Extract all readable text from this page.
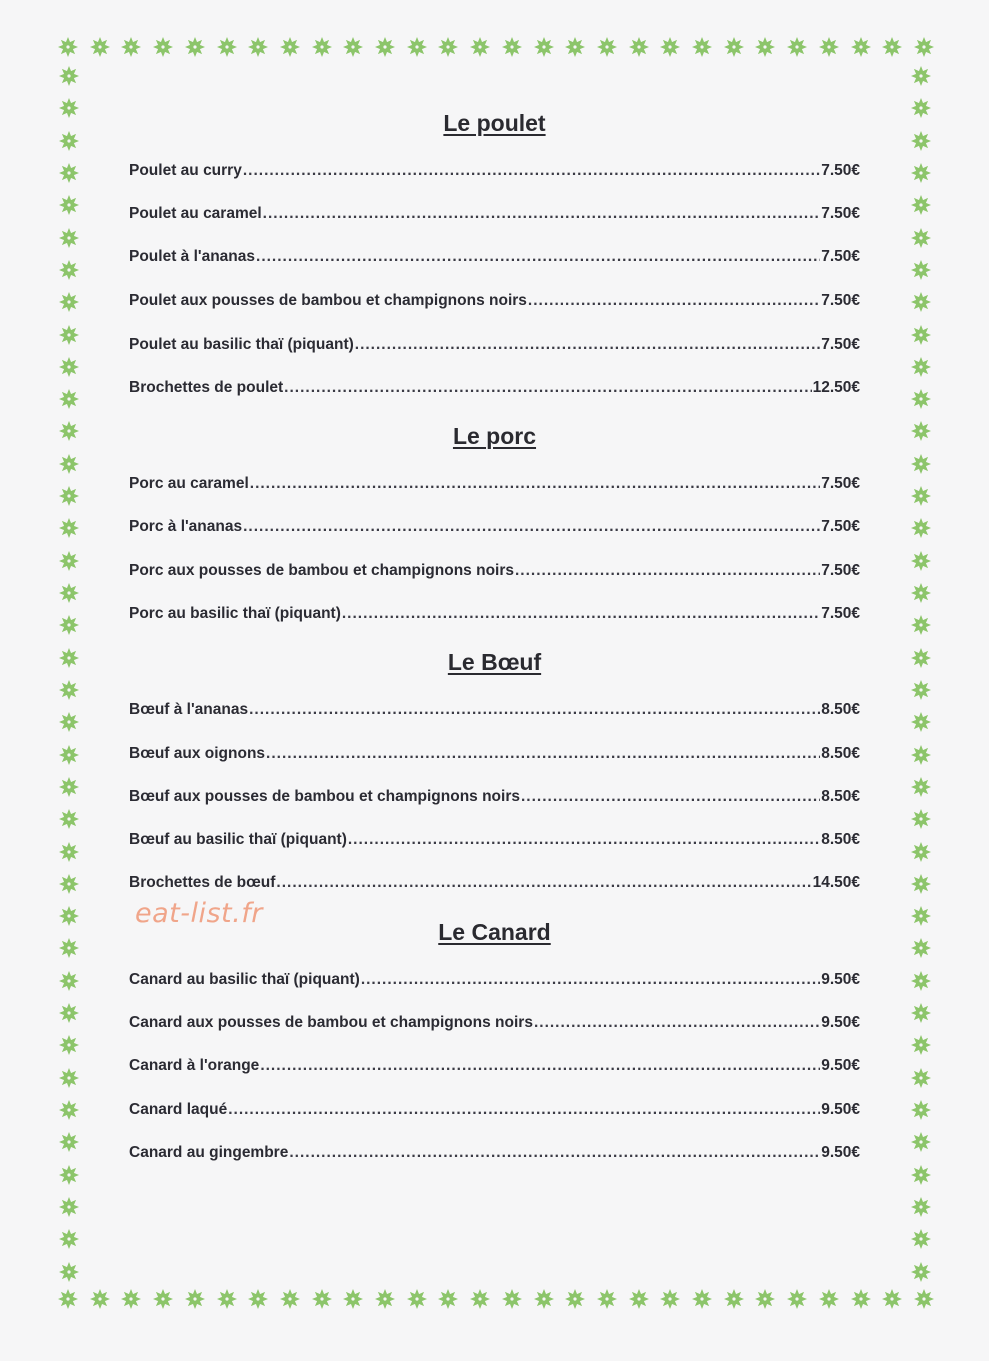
Le poulet
Poulet au curry .....	7.50€
Poulet au caramel .....	7.50€
Poulet à l'ananas .....	7.50€
Poulet aux pousses de bambou et champignons noirs .....	7.50€
Poulet au basilic thaï (piquant) .....	7.50€
Brochettes de poulet .....	12.50€
Le porc
Porc au caramel .....	7.50€
Porc à l'ananas .....	7.50€
Porc aux pousses de bambou et champignons noirs .....	7.50€
Porc au basilic thaï (piquant) .....	7.50€
Le Bœuf
Bœuf à l'ananas .....	8.50€
Bœuf aux oignons .....	8.50€
Bœuf aux pousses de bambou et champignons noirs .....	8.50€
Bœuf au basilic thaï (piquant) .....	8.50€
Brochettes de bœuf .....	14.50€
Le Canard
Canard au basilic thaï (piquant) .....	9.50€
Canard aux pousses de bambou et champignons noirs .....	9.50€
Canard à l'orange .....	9.50€
Canard laqué .....	9.50€
Canard au gingembre .....	9.50€
eat-list.fr
